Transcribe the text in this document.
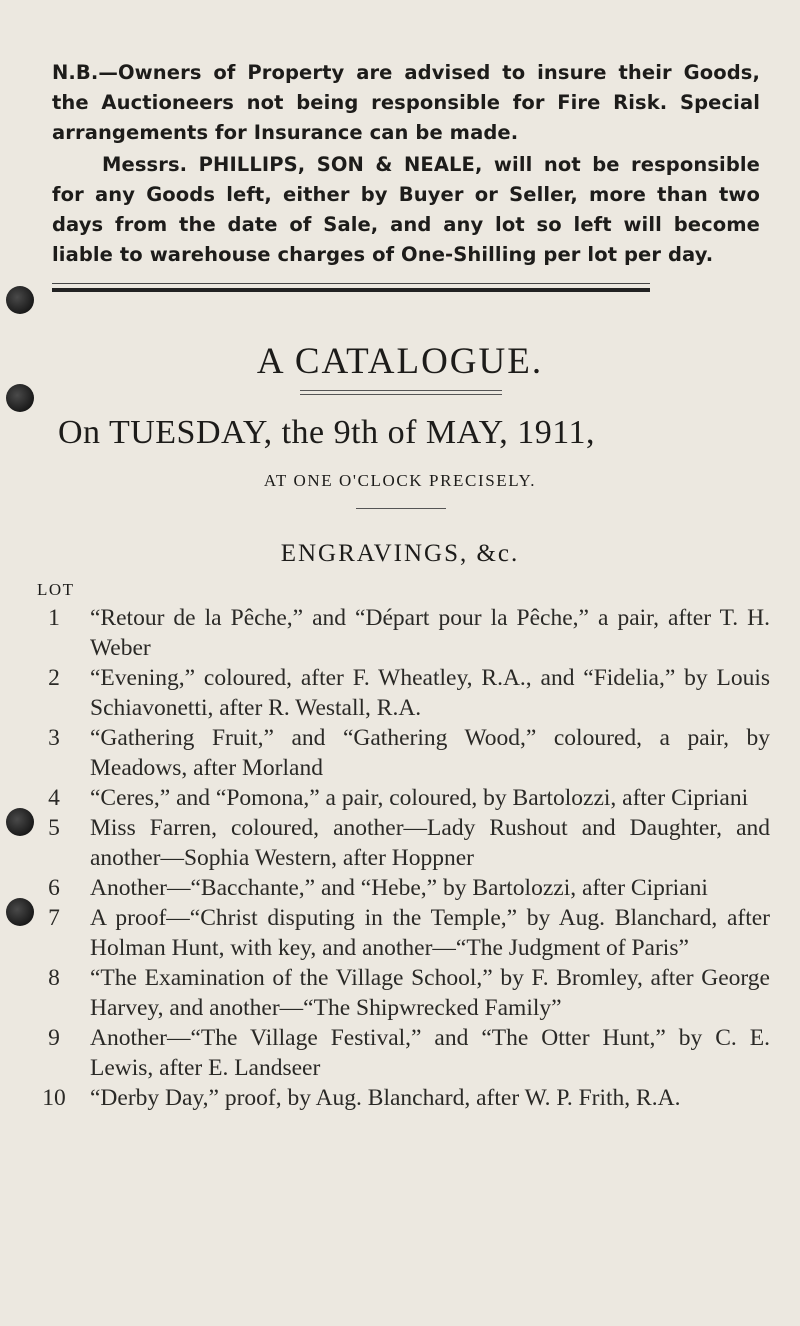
N.B.—Owners of Property are advised to insure their Goods, the Auctioneers not being responsible for Fire Risk. Special arrangements for Insurance can be made.

Messrs. PHILLIPS, SON & NEALE, will not be responsible for any Goods left, either by Buyer or Seller, more than two days from the date of Sale, and any lot so left will become liable to warehouse charges of One-Shilling per lot per day.

A CATALOGUE.

On TUESDAY, the 9th of MAY, 1911,

AT ONE O'CLOCK PRECISELY.

ENGRAVINGS, &c.
LOT
1	“Retour de la Pêche,” and “Départ pour la Pêche,” a pair, after T. H. Weber
2	“Evening,” coloured, after F. Wheatley, R.A., and “Fidelia,” by Louis Schiavonetti, after R. Westall, R.A.
3	“Gathering Fruit,” and “Gathering Wood,” coloured, a pair, by Meadows, after Morland
4	“Ceres,” and “Pomona,” a pair, coloured, by Bartolozzi, after Cipriani
5	Miss Farren, coloured, another—Lady Rushout and Daughter, and another—Sophia Western, after Hoppner
6	Another—“Bacchante,” and “Hebe,” by Bartolozzi, after Cipriani
7	A proof—“Christ disputing in the Temple,” by Aug. Blanchard, after Holman Hunt, with key, and another—“The Judgment of Paris”
8	“The Examination of the Village School,” by F. Bromley, after George Harvey, and another—“The Shipwrecked Family”
9	Another—“The Village Festival,” and “The Otter Hunt,” by C. E. Lewis, after E. Landseer
10 “Derby Day,” proof, by Aug. Blanchard, after W. P. Frith, R.A.
